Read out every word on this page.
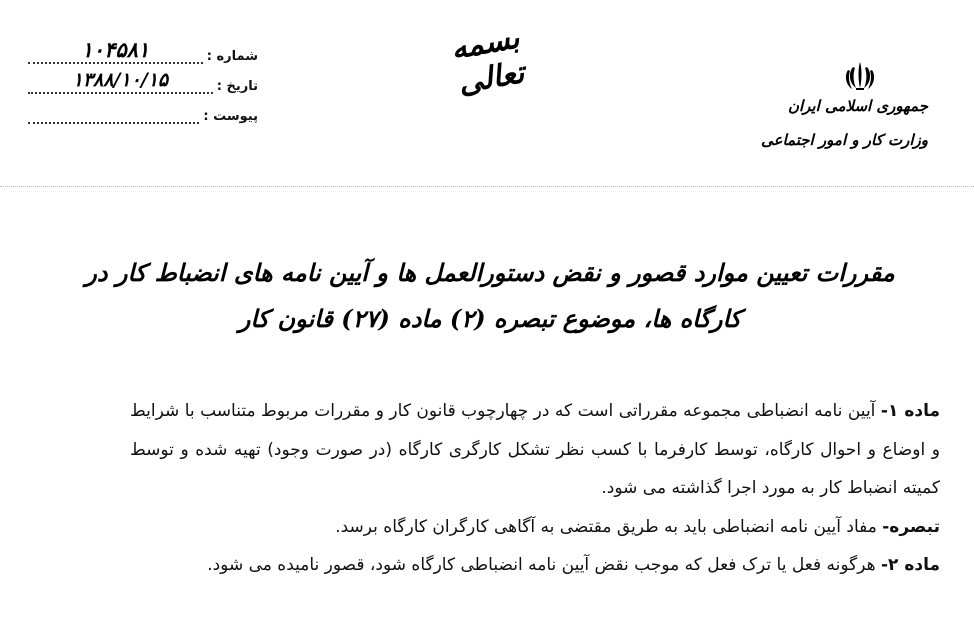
شماره :
۱۰۴۵۸۱
تاریخ :
۱۳۸۸/۱۰/۱۵
پیوست :
بسمه تعالی
جمهوری اسلامی ایران
وزارت کار و امور اجتماعی
مقررات تعیین موارد قصور و نقض دستورالعمل ها و آیین نامه های انضباط کار در
کارگاه ها، موضوع تبصره (۲) ماده (۲۷) قانون کار

ماده ۱- آیین نامه انضباطی مجموعه مقرراتی است که در چهارچوب قانون کار و مقررات مربوط متناسب با شرایط و اوضاع و احوال کارگاه، توسط کارفرما با کسب نظر تشکل کارگری کارگاه (در صورت وجود) تهیه شده و توسط کمیته انضباط کار به مورد اجرا گذاشته می شود.

تبصره- مفاد آیین نامه انضباطی باید به طریق مقتضی به آگاهی کارگران کارگاه برسد.

ماده ۲- هرگونه فعل یا ترک فعل که موجب نقض آیین نامه انضباطی کارگاه شود، قصور نامیده می شود.
